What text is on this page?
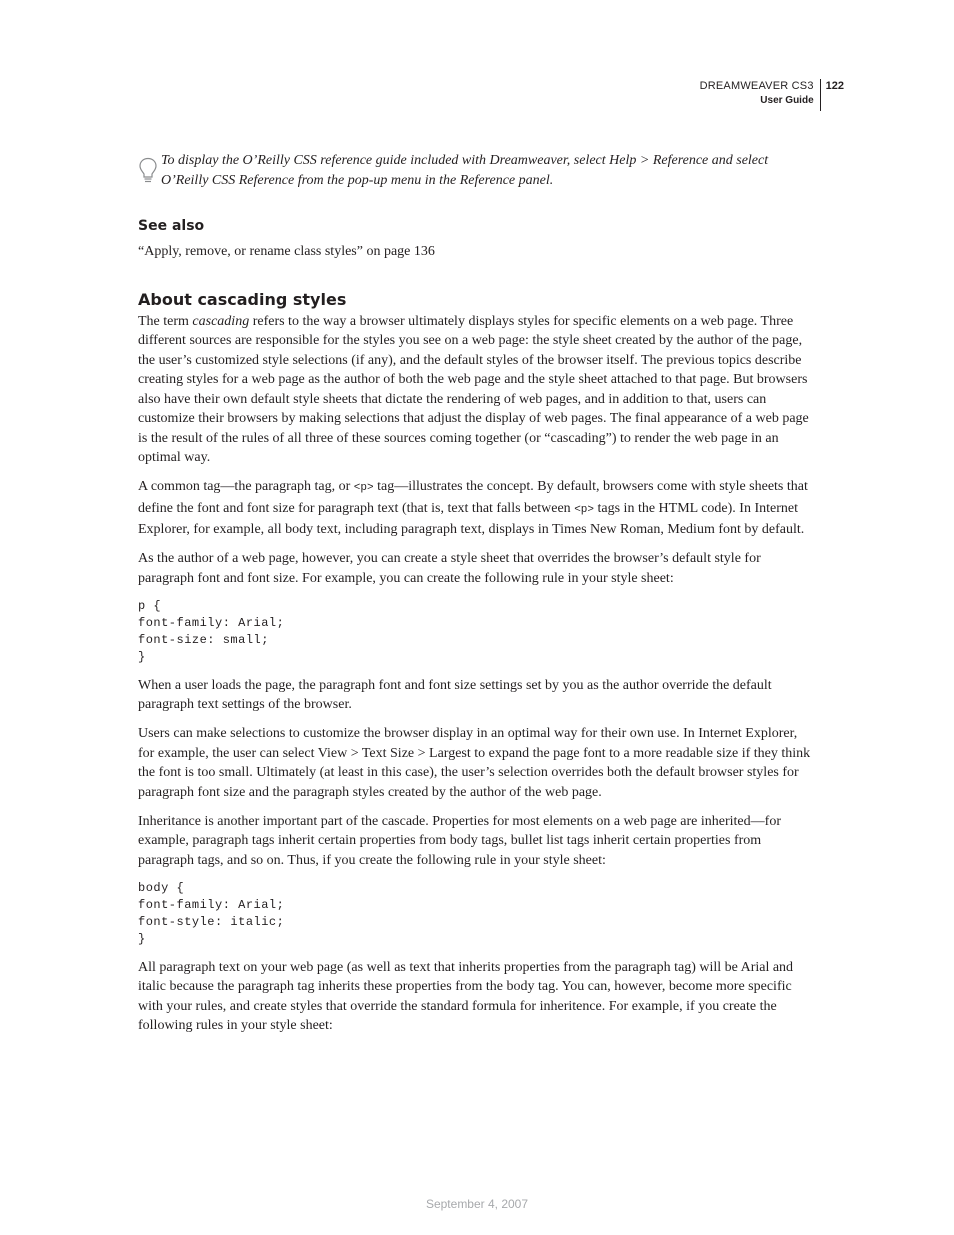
DREAMWEAVER CS3
User Guide
122
To display the O’Reilly CSS reference guide included with Dreamweaver, select Help > Reference and select O’Reilly CSS Reference from the pop-up menu in the Reference panel.
See also

“Apply, remove, or rename class styles” on page 136

About cascading styles

The term cascading refers to the way a browser ultimately displays styles for specific elements on a web page. Three different sources are responsible for the styles you see on a web page: the style sheet created by the author of the page, the user’s customized style selections (if any), and the default styles of the browser itself. The previous topics describe creating styles for a web page as the author of both the web page and the style sheet attached to that page. But browsers also have their own default style sheets that dictate the rendering of web pages, and in addition to that, users can customize their browsers by making selections that adjust the display of web pages. The final appearance of a web page is the result of the rules of all three of these sources coming together (or “cascading”) to render the web page in an optimal way.

A common tag—the paragraph tag, or <p> tag—illustrates the concept. By default, browsers come with style sheets that define the font and font size for paragraph text (that is, text that falls between <p> tags in the HTML code). In Internet Explorer, for example, all body text, including paragraph text, displays in Times New Roman, Medium font by default.

As the author of a web page, however, you can create a style sheet that overrides the browser’s default style for paragraph font and font size. For example, you can create the following rule in your style sheet:

p {
font-family: Arial;
font-size: small;
}

When a user loads the page, the paragraph font and font size settings set by you as the author override the default paragraph text settings of the browser.

Users can make selections to customize the browser display in an optimal way for their own use. In Internet Explorer, for example, the user can select View > Text Size > Largest to expand the page font to a more readable size if they think the font is too small. Ultimately (at least in this case), the user’s selection overrides both the default browser styles for paragraph font size and the paragraph styles created by the author of the web page.

Inheritance is another important part of the cascade. Properties for most elements on a web page are inherited—for example, paragraph tags inherit certain properties from body tags, bullet list tags inherit certain properties from paragraph tags, and so on. Thus, if you create the following rule in your style sheet:

body {
font-family: Arial;
font-style: italic;
}

All paragraph text on your web page (as well as text that inherits properties from the paragraph tag) will be Arial and italic because the paragraph tag inherits these properties from the body tag. You can, however, become more specific with your rules, and create styles that override the standard formula for inheritence. For example, if you create the following rules in your style sheet:

September 4, 2007
